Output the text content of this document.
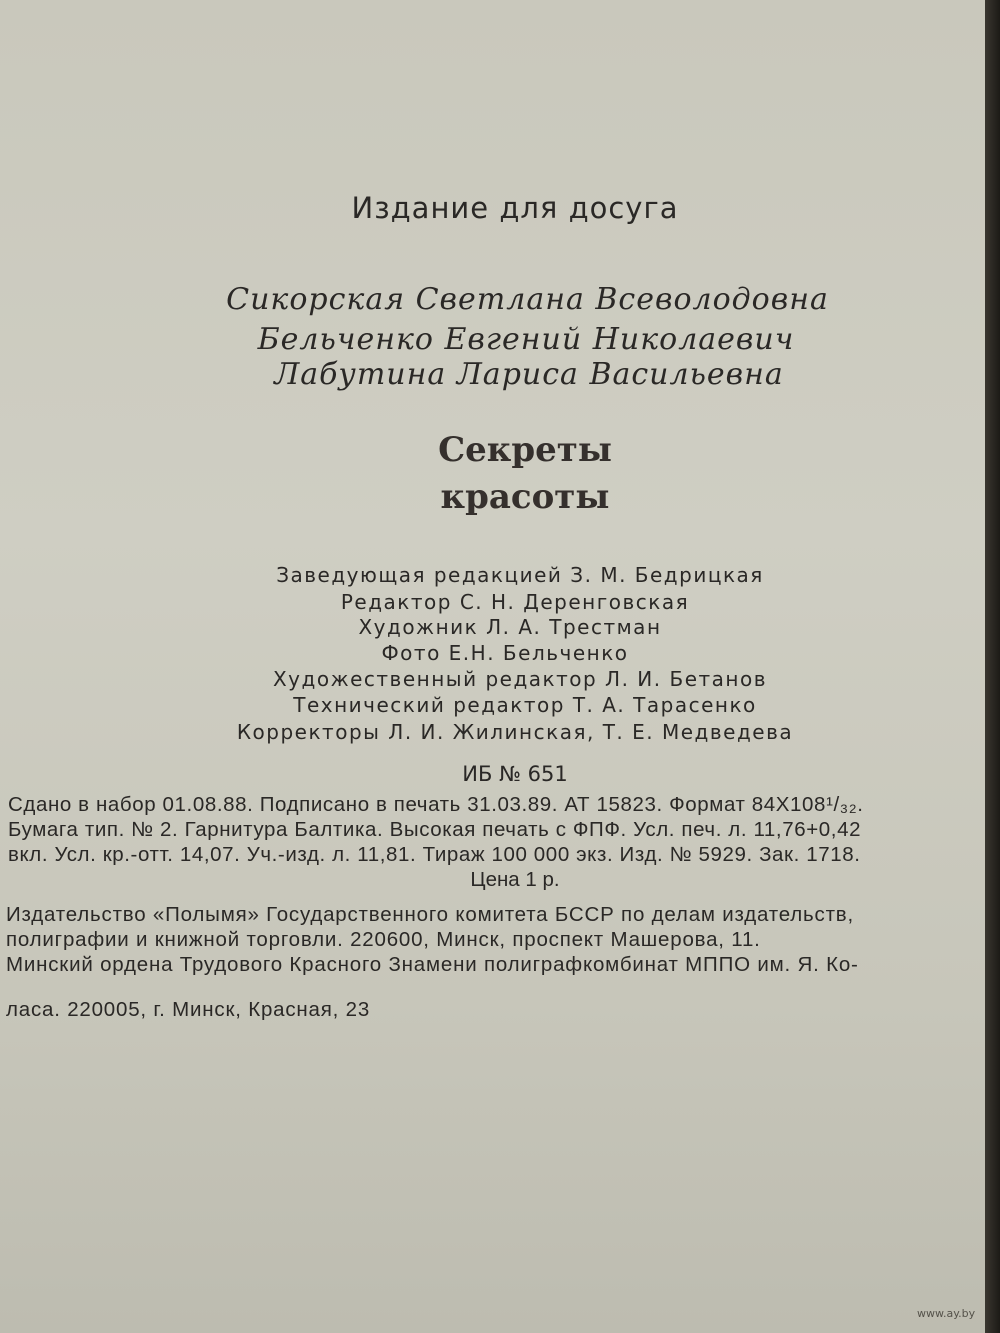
Издание для досуга
Сикорская Светлана Всеволодовна
Бельченко Евгений Николаевич
Лабутина Лариса Васильевна
Секреты
красоты
Заведующая редакцией З. М. Бедрицкая
Редактор С. Н. Деренговская
Художник Л. А. Трестман
Фото Е.Н. Бельченко
Художественный редактор Л. И. Бетанов
Технический редактор Т. А. Тарасенко
Корректоры Л. И. Жилинская, Т. Е. Медведева
ИБ № 651
Сдано в набор 01.08.88. Подписано в печать 31.03.89. АТ 15823. Формат 84Х108¹/₃₂.
Бумага тип. № 2. Гарнитура Балтика. Высокая печать с ФПФ. Усл. печ. л. 11,76+0,42
вкл. Усл. кр.-отт. 14,07. Уч.-изд. л. 11,81. Тираж 100 000 экз. Изд. № 5929. Зак. 1718.
Цена 1 р.
Издательство «Полымя» Государственного комитета БССР по делам издательств,
полиграфии и книжной торговли. 220600, Минск, проспект Машерова, 11.
Минский ордена Трудового Красного Знамени полиграфкомбинат МППО им. Я. Ко-
ласа. 220005, г. Минск, Красная, 23
www.ay.by
